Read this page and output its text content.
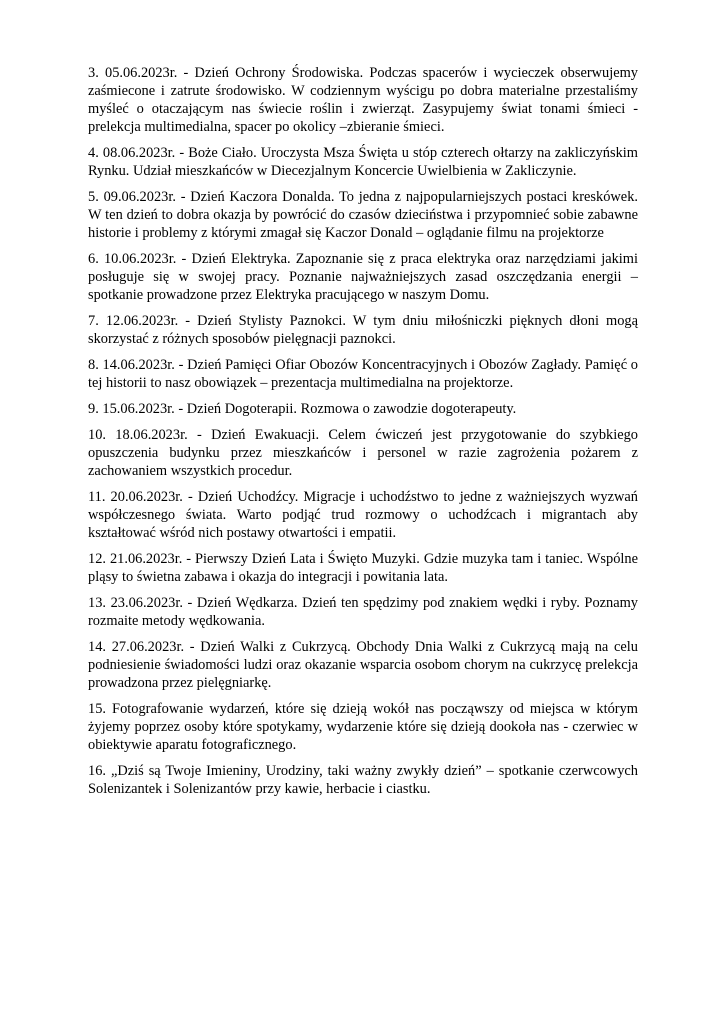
3. 05.06.2023r. - Dzień Ochrony Środowiska. Podczas spacerów i wycieczek obserwujemy zaśmiecone i zatrute środowisko. W codziennym wyścigu po dobra materialne przestaliśmy myśleć o otaczającym nas świecie roślin i zwierząt. Zasypujemy świat tonami śmieci - prelekcja multimedialna, spacer po okolicy –zbieranie śmieci.

4. 08.06.2023r. - Boże Ciało. Uroczysta Msza Święta u stóp czterech ołtarzy na zakliczyńskim Rynku. Udział mieszkańców w Diecezjalnym Koncercie Uwielbienia w Zakliczynie.

5. 09.06.2023r. - Dzień Kaczora Donalda. To jedna z najpopularniejszych postaci kreskówek. W ten dzień to dobra okazja by powrócić do czasów dzieciństwa i przypomnieć sobie zabawne historie i problemy z którymi zmagał się Kaczor Donald – oglądanie filmu na projektorze

6. 10.06.2023r. - Dzień Elektryka. Zapoznanie się z praca elektryka oraz narzędziami jakimi posługuje się w swojej pracy. Poznanie najważniejszych zasad oszczędzania energii – spotkanie prowadzone przez Elektryka pracującego w naszym Domu.

7. 12.06.2023r. - Dzień Stylisty Paznokci. W tym dniu miłośniczki pięknych dłoni mogą skorzystać z różnych sposobów pielęgnacji paznokci.

8. 14.06.2023r. - Dzień Pamięci Ofiar Obozów Koncentracyjnych i Obozów Zagłady. Pamięć o tej historii to nasz obowiązek – prezentacja multimedialna na projektorze.

9. 15.06.2023r. - Dzień Dogoterapii. Rozmowa o zawodzie dogoterapeuty.

10. 18.06.2023r. - Dzień Ewakuacji. Celem ćwiczeń jest przygotowanie do szybkiego opuszczenia budynku przez mieszkańców i personel w razie zagrożenia pożarem z zachowaniem wszystkich procedur.

11. 20.06.2023r. - Dzień Uchodźcy. Migracje i uchodźstwo to jedne z ważniejszych wyzwań współczesnego świata. Warto podjąć trud rozmowy o uchodźcach i migrantach aby kształtować wśród nich postawy otwartości i empatii.

12. 21.06.2023r. - Pierwszy Dzień Lata i Święto Muzyki. Gdzie muzyka tam i taniec. Wspólne pląsy to świetna zabawa i okazja do integracji i powitania lata.

13. 23.06.2023r. - Dzień Wędkarza. Dzień ten spędzimy pod znakiem wędki i ryby. Poznamy rozmaite metody wędkowania.

14. 27.06.2023r. - Dzień Walki z Cukrzycą. Obchody Dnia Walki z Cukrzycą mają na celu podniesienie świadomości ludzi oraz okazanie wsparcia osobom chorym na cukrzycę prelekcja prowadzona przez pielęgniarkę.

15. Fotografowanie wydarzeń, które się dzieją wokół nas począwszy od miejsca w którym żyjemy poprzez osoby które spotykamy, wydarzenie które się dzieją dookoła nas - czerwiec w obiektywie aparatu fotograficznego.

16. „Dziś są Twoje Imieniny, Urodziny, taki ważny zwykły dzień” – spotkanie czerwcowych Solenizantek i Solenizantów przy kawie, herbacie i ciastku.
